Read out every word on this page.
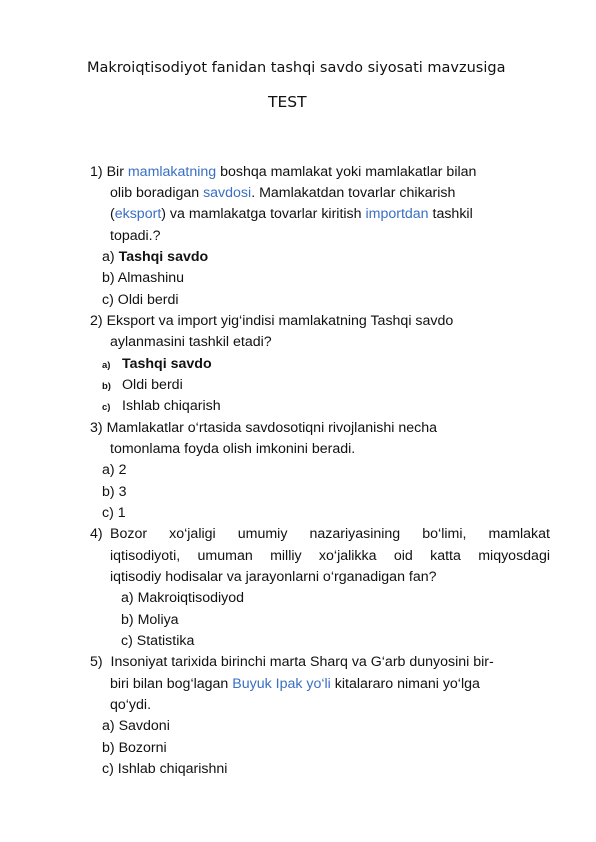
Makroiqtisodiyot fanidan tashqi savdo siyosati mavzusiga
TEST
1) Bir mamlakatning boshqa mamlakat yoki mamlakatlar bilan
olib boradigan savdosi. Mamlakatdan tovarlar chikarish
(eksport) va mamlakatga tovarlar kiritish importdan tashkil
topadi.?
a) Tashqi savdo
b) Almashinu
c) Oldi berdi
2) Eksport va import yig‘indisi mamlakatning Tashqi savdo
aylanmasini tashkil etadi?
a) Tashqi savdo
b) Oldi berdi
c) Ishlab chiqarish
3) Mamlakatlar o‘rtasida savdosotiqni rivojlanishi necha
tomonlama foyda olish imkonini beradi.
a) 2
b) 3
c) 1
4) Bozor xo‘jaligi umumiy nazariyasining bo‘limi, mamlakat
iqtisodiyoti, umuman milliy xo‘jalikka oid katta miqyosdagi
iqtisodiy hodisalar va jarayonlarni o‘rganadigan fan?
a) Makroiqtisodiyod
b) Moliya
c) Statistika
5) Insoniyat tarixida birinchi marta Sharq va G‘arb dunyosini bir-
biri bilan bog‘lagan Buyuk Ipak yo‘li kitalararo nimani yo‘lga
qo‘ydi.
a) Savdoni
b) Bozorni
c) Ishlab chiqarishni
